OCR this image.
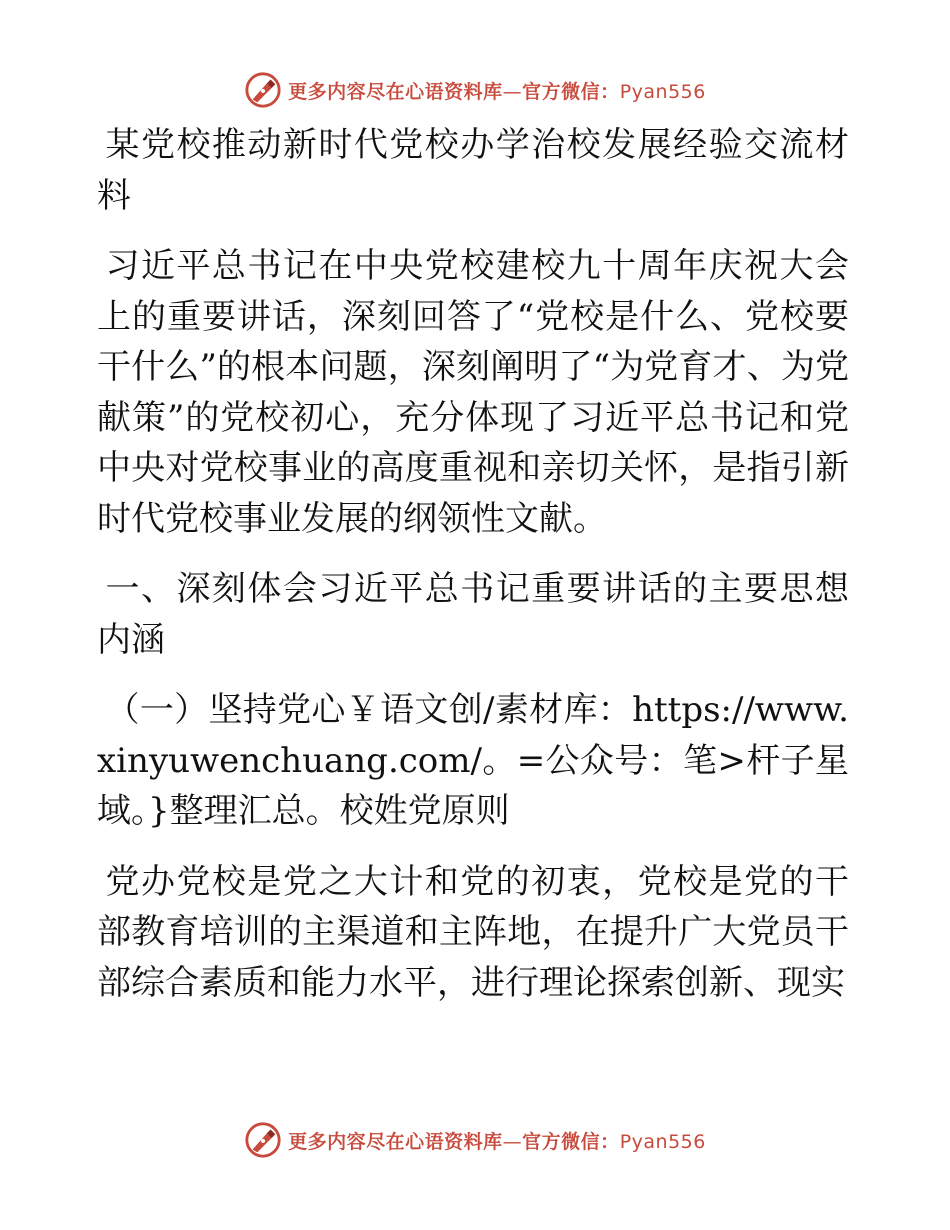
更多内容尽在心语资料库—官方微信：Pyan556

某党校推动新时代党校办学治校发展经验交流材料

习近平总书记在中央党校建校九十周年庆祝大会上的重要讲话，深刻回答了“党校是什么、党校要干什么”的根本问题，深刻阐明了“为党育才、为党献策”的党校初心，充分体现了习近平总书记和党中央对党校事业的高度重视和亲切关怀，是指引新时代党校事业发展的纲领性文献。

一、深刻体会习近平总书记重要讲话的主要思想内涵

（一）坚持党心￥语文创/素材库：https://www.xinyuwenchuang.com/。=公众号：笔>杆子星域。}整理汇总。校姓党原则

党办党校是党之大计和党的初衷，党校是党的干部教育培训的主渠道和主阵地，在提升广大党员干部综合素质和能力水平，进行理论探索创新、现实

更多内容尽在心语资料库—官方微信：Pyan556
